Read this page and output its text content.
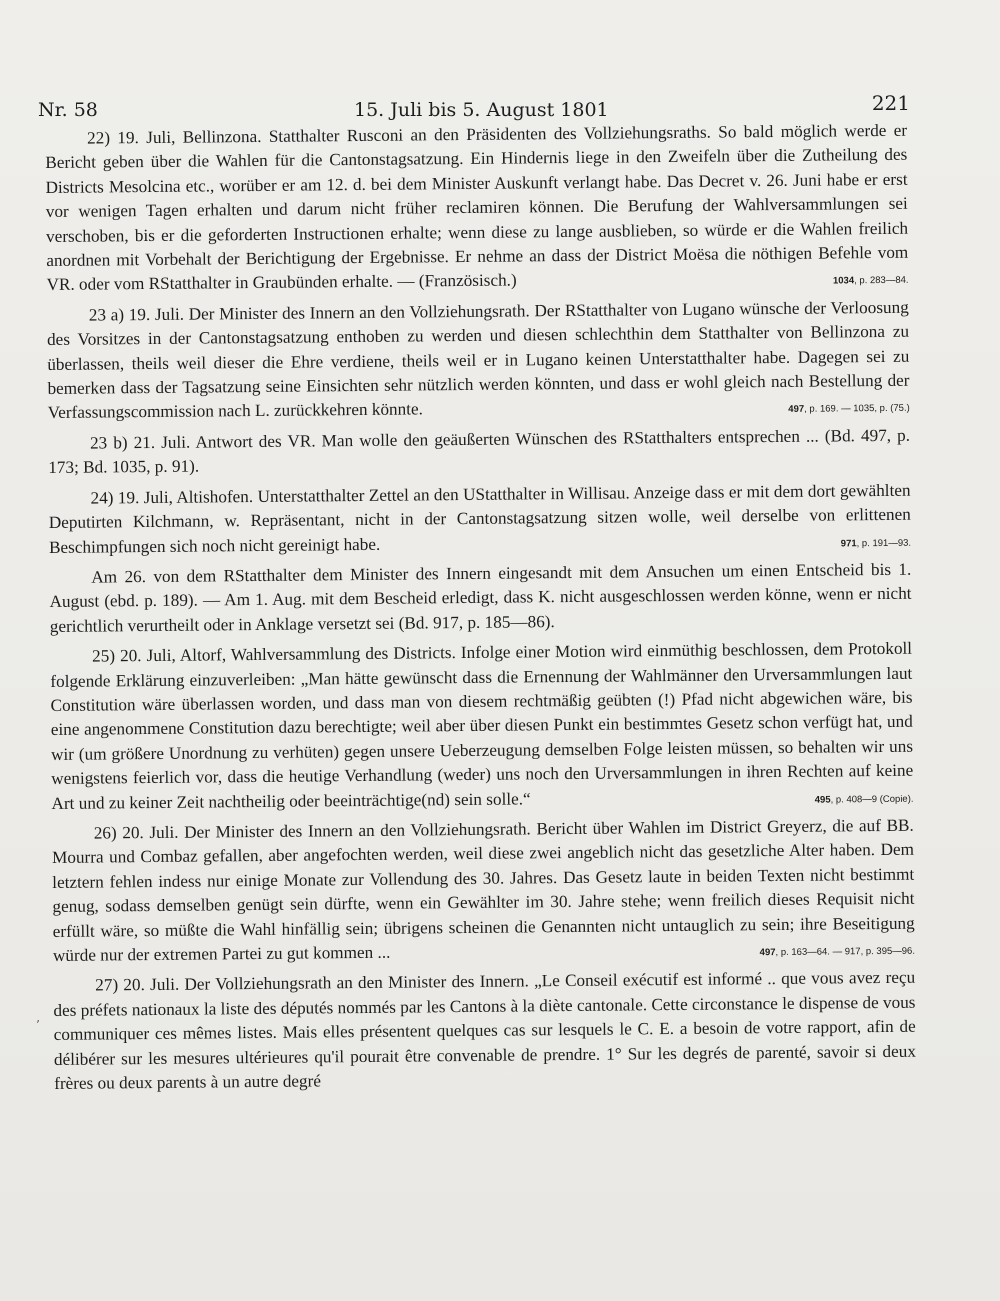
Nr. 58	15. Juli bis 5. August 1801	221

22) 19. Juli, Bellinzona. Statthalter Rusconi an den Präsidenten des Vollziehungsraths. So bald möglich werde er Bericht geben über die Wahlen für die Cantonstagsatzung. Ein Hindernis liege in den Zweifeln über die Zutheilung des Districts Mesolcina etc., worüber er am 12. d. bei dem Minister Auskunft verlangt habe. Das Decret v. 26. Juni habe er erst vor wenigen Tagen erhalten und darum nicht früher reclamiren können. Die Berufung der Wahlversammlungen sei verschoben, bis er die geforderten Instructionen erhalte; wenn diese zu lange ausblieben, so würde er die Wahlen freilich anordnen mit Vorbehalt der Berichtigung der Ergebnisse. Er nehme an dass der District Moësa die nöthigen Befehle vom VR. oder vom RStatthalter in Graubünden erhalte. — (Französisch.)	1034, p. 283—84.

23 a) 19. Juli. Der Minister des Innern an den Vollziehungsrath. Der RStatthalter von Lugano wünsche der Verloosung des Vorsitzes in der Cantonstagsatzung enthoben zu werden und diesen schlechthin dem Statthalter von Bellinzona zu überlassen, theils weil dieser die Ehre verdiene, theils weil er in Lugano keinen Unterstatthalter habe. Dagegen sei zu bemerken dass der Tagsatzung seine Einsichten sehr nützlich werden könnten, und dass er wohl gleich nach Bestellung der Verfassungscommission nach L. zurückkehren könnte.	497, p. 169. — 1035, p. (75.)

23 b) 21. Juli. Antwort des VR. Man wolle den geäußerten Wünschen des RStatthalters entsprechen ... (Bd. 497, p. 173; Bd. 1035, p. 91).

24) 19. Juli, Altishofen. Unterstatthalter Zettel an den UStatthalter in Willisau. Anzeige dass er mit dem dort gewählten Deputirten Kilchmann, w. Repräsentant, nicht in der Cantonstagsatzung sitzen wolle, weil derselbe von erlittenen Beschimpfungen sich noch nicht gereinigt habe.	971, p. 191—93.

Am 26. von dem RStatthalter dem Minister des Innern eingesandt mit dem Ansuchen um einen Entscheid bis 1. August (ebd. p. 189). — Am 1. Aug. mit dem Bescheid erledigt, dass K. nicht ausgeschlossen werden könne, wenn er nicht gerichtlich verurtheilt oder in Anklage versetzt sei (Bd. 917, p. 185—86).

25) 20. Juli, Altorf, Wahlversammlung des Districts. Infolge einer Motion wird einmüthig beschlossen, dem Protokoll folgende Erklärung einzuverleiben: „Man hätte gewünscht dass die Ernennung der Wahlmänner den Urversammlungen laut Constitution wäre überlassen worden, und dass man von diesem rechtmäßig geübten (!) Pfad nicht abgewichen wäre, bis eine angenommene Constitution dazu berechtigte; weil aber über diesen Punkt ein bestimmtes Gesetz schon verfügt hat, und wir (um größere Unordnung zu verhüten) gegen unsere Ueberzeugung demselben Folge leisten müssen, so behalten wir uns wenigstens feierlich vor, dass die heutige Verhandlung (weder) uns noch den Urversammlungen in ihren Rechten auf keine Art und zu keiner Zeit nachtheilig oder beeinträchtige(nd) sein solle.“	495, p. 408—9 (Copie).

26) 20. Juli. Der Minister des Innern an den Vollziehungsrath. Bericht über Wahlen im District Greyerz, die auf BB. Mourra und Combaz gefallen, aber angefochten werden, weil diese zwei angeblich nicht das gesetzliche Alter haben. Dem letztern fehlen indess nur einige Monate zur Vollendung des 30. Jahres. Das Gesetz laute in beiden Texten nicht bestimmt genug, sodass demselben genügt sein dürfte, wenn ein Gewählter im 30. Jahre stehe; wenn freilich dieses Requisit nicht erfüllt wäre, so müßte die Wahl hinfällig sein; übrigens scheinen die Genannten nicht untauglich zu sein; ihre Beseitigung würde nur der extremen Partei zu gut kommen ...	497, p. 163—64. — 917, p. 395—96.

27) 20. Juli. Der Vollziehungsrath an den Minister des Innern. „Le Conseil exécutif est informé .. que vous avez reçu des préfets nationaux la liste des députés nommés par les Cantons à la diète cantonale. Cette circonstance le dispense de vous communiquer ces mêmes listes. Mais elles présentent quelques cas sur lesquels le C. E. a besoin de votre rapport, afin de délibérer sur les mesures ultérieures qu'il pourait être convenable de prendre. 1° Sur les degrés de parenté, savoir si deux frères ou deux parents à un autre degré

’
